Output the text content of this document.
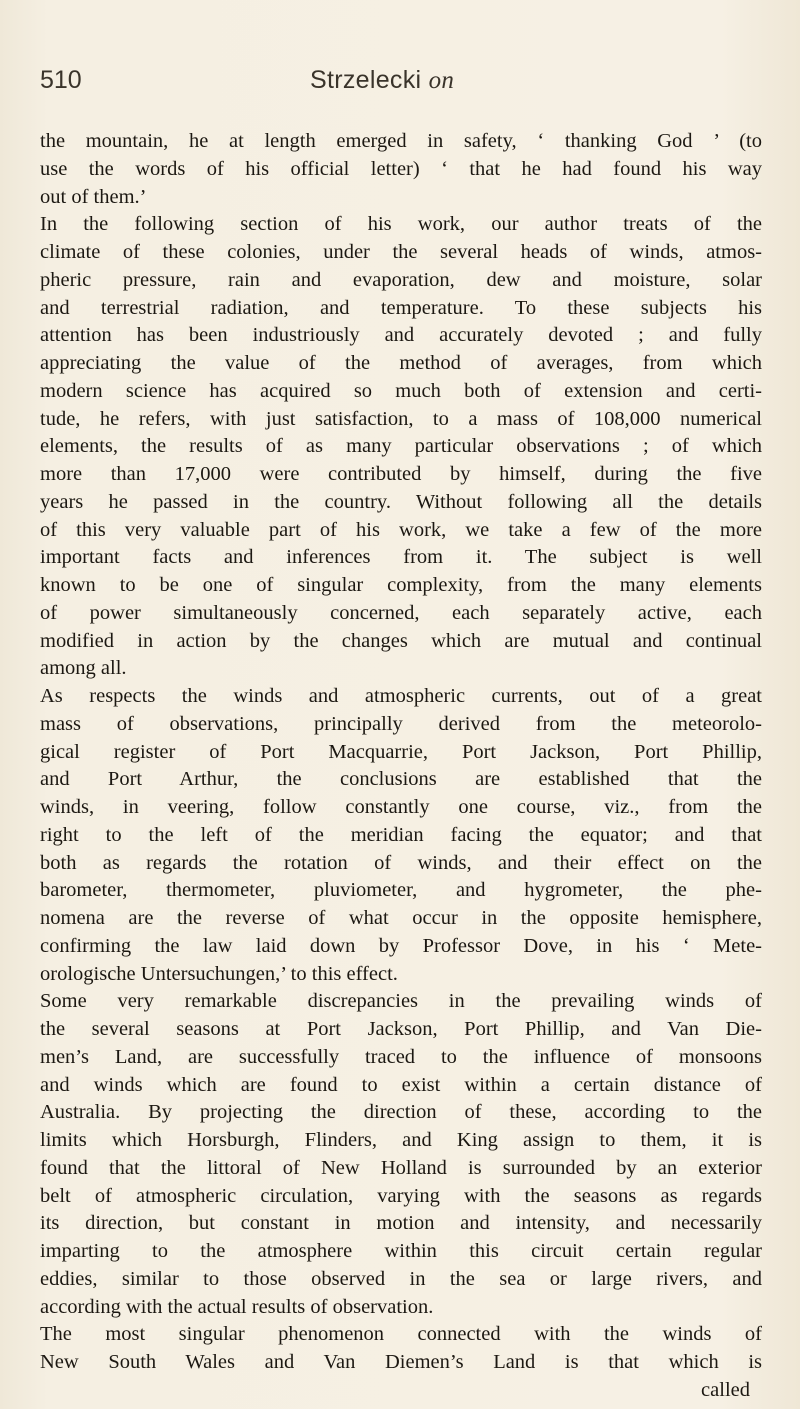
510	Strzelecki on
the mountain, he at length emerged in safety, ‘ thanking God ’ (to
use the words of his official letter) ‘ that he had found his way
out of them.’
In the following section of his work, our author treats of the
climate of these colonies, under the several heads of winds, atmos-
pheric pressure, rain and evaporation, dew and moisture, solar
and terrestrial radiation, and temperature. To these subjects his
attention has been industriously and accurately devoted ; and fully
appreciating the value of the method of averages, from which
modern science has acquired so much both of extension and certi-
tude, he refers, with just satisfaction, to a mass of 108,000 numerical
elements, the results of as many particular observations ; of which
more than 17,000 were contributed by himself, during the five
years he passed in the country. Without following all the details
of this very valuable part of his work, we take a few of the more
important facts and inferences from it. The subject is well
known to be one of singular complexity, from the many elements
of power simultaneously concerned, each separately active, each
modified in action by the changes which are mutual and continual
among all.
As respects the winds and atmospheric currents, out of a great
mass of observations, principally derived from the meteorolo-
gical register of Port Macquarrie, Port Jackson, Port Phillip,
and Port Arthur, the conclusions are established that the
winds, in veering, follow constantly one course, viz., from the
right to the left of the meridian facing the equator; and that
both as regards the rotation of winds, and their effect on the
barometer, thermometer, pluviometer, and hygrometer, the phe-
nomena are the reverse of what occur in the opposite hemisphere,
confirming the law laid down by Professor Dove, in his ‘ Mete-
orologische Untersuchungen,’ to this effect.
Some very remarkable discrepancies in the prevailing winds of
the several seasons at Port Jackson, Port Phillip, and Van Die-
men’s Land, are successfully traced to the influence of monsoons
and winds which are found to exist within a certain distance of
Australia. By projecting the direction of these, according to the
limits which Horsburgh, Flinders, and King assign to them, it is
found that the littoral of New Holland is surrounded by an exterior
belt of atmospheric circulation, varying with the seasons as regards
its direction, but constant in motion and intensity, and necessarily
imparting to the atmosphere within this circuit certain regular
eddies, similar to those observed in the sea or large rivers, and
according with the actual results of observation.
The most singular phenomenon connected with the winds of
New South Wales and Van Diemen’s Land is that which is
called
